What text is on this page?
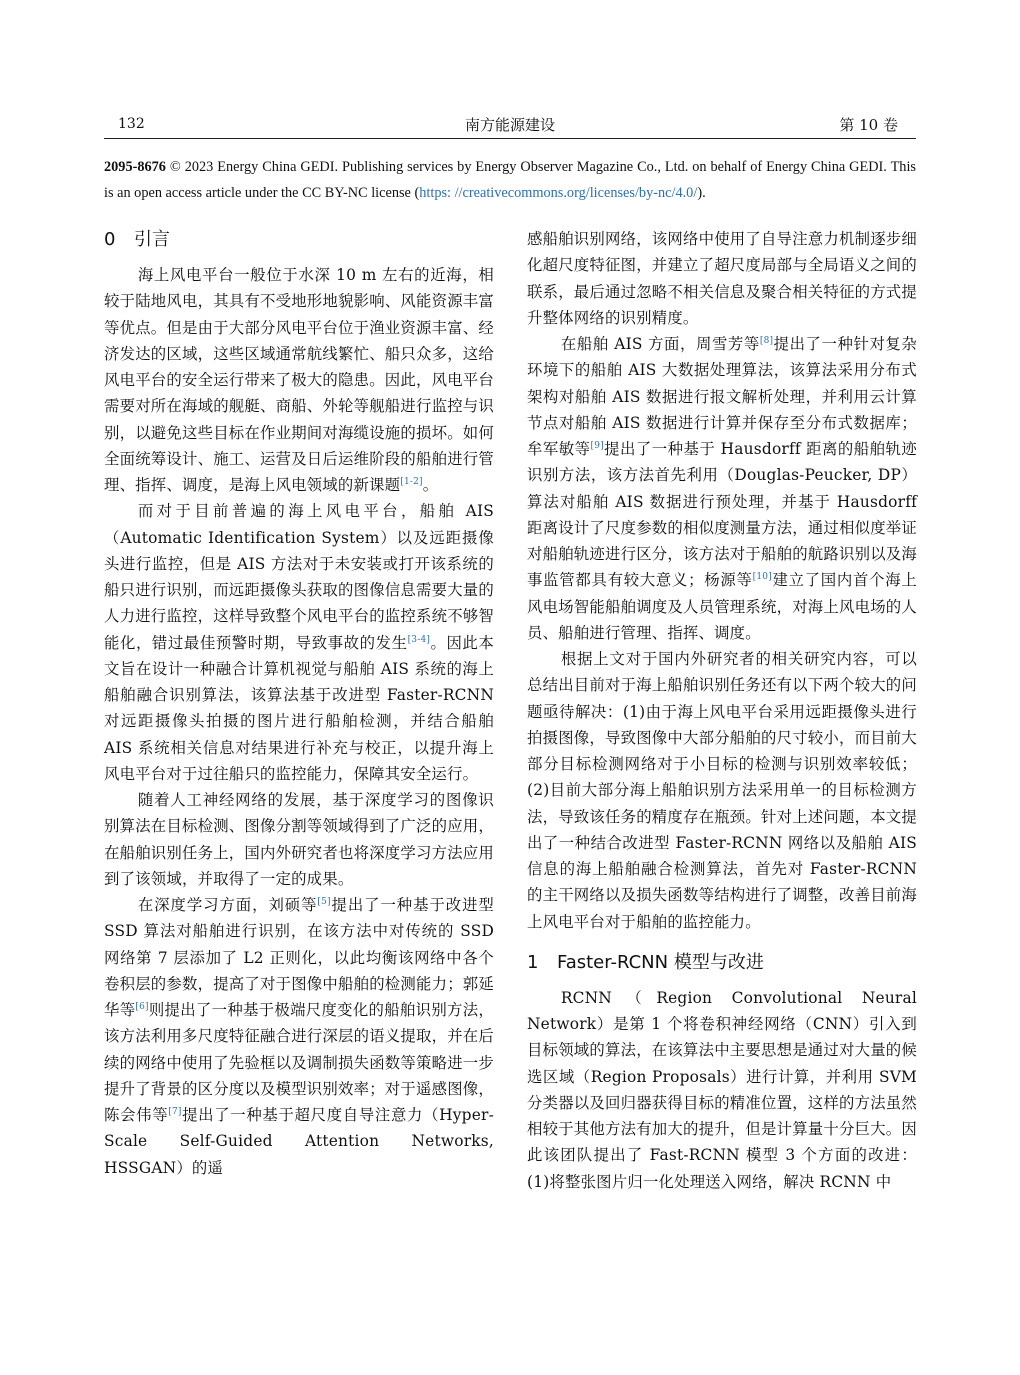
132	南方能源建设	第 10 卷
2095-8676 © 2023 Energy China GEDI. Publishing services by Energy Observer Magazine Co., Ltd. on behalf of Energy China GEDI. This is an open access article under the CC BY-NC license (https: //creativecommons.org/licenses/by-nc/4.0/).
0 引言

海上风电平台一般位于水深 10 m 左右的近海，相较于陆地风电，其具有不受地形地貌影响、风能资源丰富等优点。但是由于大部分风电平台位于渔业资源丰富、经济发达的区域，这些区域通常航线繁忙、船只众多，这给风电平台的安全运行带来了极大的隐患。因此，风电平台需要对所在海域的舰艇、商船、外轮等舰船进行监控与识别，以避免这些目标在作业期间对海缆设施的损坏。如何全面统筹设计、施工、运营及日后运维阶段的船舶进行管理、指挥、调度，是海上风电领域的新课题[1-2]。

而对于目前普遍的海上风电平台，船舶 AIS（Automatic Identification System）以及远距摄像头进行监控，但是 AIS 方法对于未安装或打开该系统的船只进行识别，而远距摄像头获取的图像信息需要大量的人力进行监控，这样导致整个风电平台的监控系统不够智能化，错过最佳预警时期，导致事故的发生[3-4]。因此本文旨在设计一种融合计算机视觉与船舶 AIS 系统的海上船舶融合识别算法，该算法基于改进型 Faster-RCNN 对远距摄像头拍摄的图片进行船舶检测，并结合船舶 AIS 系统相关信息对结果进行补充与校正，以提升海上风电平台对于过往船只的监控能力，保障其安全运行。

随着人工神经网络的发展，基于深度学习的图像识别算法在目标检测、图像分割等领域得到了广泛的应用，在船舶识别任务上，国内外研究者也将深度学习方法应用到了该领域，并取得了一定的成果。

在深度学习方面，刘硕等[5]提出了一种基于改进型 SSD 算法对船舶进行识别，在该方法中对传统的 SSD 网络第 7 层添加了 L2 正则化，以此均衡该网络中各个卷积层的参数，提高了对于图像中船舶的检测能力；郭延华等[6]则提出了一种基于极端尺度变化的船舶识别方法，该方法利用多尺度特征融合进行深层的语义提取，并在后续的网络中使用了先验框以及调制损失函数等策略进一步提升了背景的区分度以及模型识别效率；对于遥感图像，陈会伟等[7]提出了一种基于超尺度自导注意力（Hyper-Scale Self-Guided Attention Networks, HSSGAN）的遥

感船舶识别网络，该网络中使用了自导注意力机制逐步细化超尺度特征图，并建立了超尺度局部与全局语义之间的联系，最后通过忽略不相关信息及聚合相关特征的方式提升整体网络的识别精度。

在船舶 AIS 方面，周雪芳等[8]提出了一种针对复杂环境下的船舶 AIS 大数据处理算法，该算法采用分布式架构对船舶 AIS 数据进行报文解析处理，并利用云计算节点对船舶 AIS 数据进行计算并保存至分布式数据库；牟军敏等[9]提出了一种基于 Hausdorff 距离的船舶轨迹识别方法，该方法首先利用（Douglas-Peucker, DP）算法对船舶 AIS 数据进行预处理，并基于 Hausdorff 距离设计了尺度参数的相似度测量方法，通过相似度举证对船舶轨迹进行区分，该方法对于船舶的航路识别以及海事监管都具有较大意义；杨源等[10]建立了国内首个海上风电场智能船舶调度及人员管理系统，对海上风电场的人员、船舶进行管理、指挥、调度。

根据上文对于国内外研究者的相关研究内容，可以总结出目前对于海上船舶识别任务还有以下两个较大的问题亟待解决：(1)由于海上风电平台采用远距摄像头进行拍摄图像，导致图像中大部分船舶的尺寸较小，而目前大部分目标检测网络对于小目标的检测与识别效率较低；(2)目前大部分海上船舶识别方法采用单一的目标检测方法，导致该任务的精度存在瓶颈。针对上述问题，本文提出了一种结合改进型 Faster-RCNN 网络以及船舶 AIS 信息的海上船舶融合检测算法，首先对 Faster-RCNN 的主干网络以及损失函数等结构进行了调整，改善目前海上风电平台对于船舶的监控能力。

1 Faster-RCNN 模型与改进

RCNN（Region Convolutional Neural Network）是第 1 个将卷积神经网络（CNN）引入到目标领域的算法，在该算法中主要思想是通过对大量的候选区域（Region Proposals）进行计算，并利用 SVM分类器以及回归器获得目标的精准位置，这样的方法虽然相较于其他方法有加大的提升，但是计算量十分巨大。因此该团队提出了 Fast-RCNN 模型 3 个方面的改进：(1)将整张图片归一化处理送入网络，解决 RCNN 中
